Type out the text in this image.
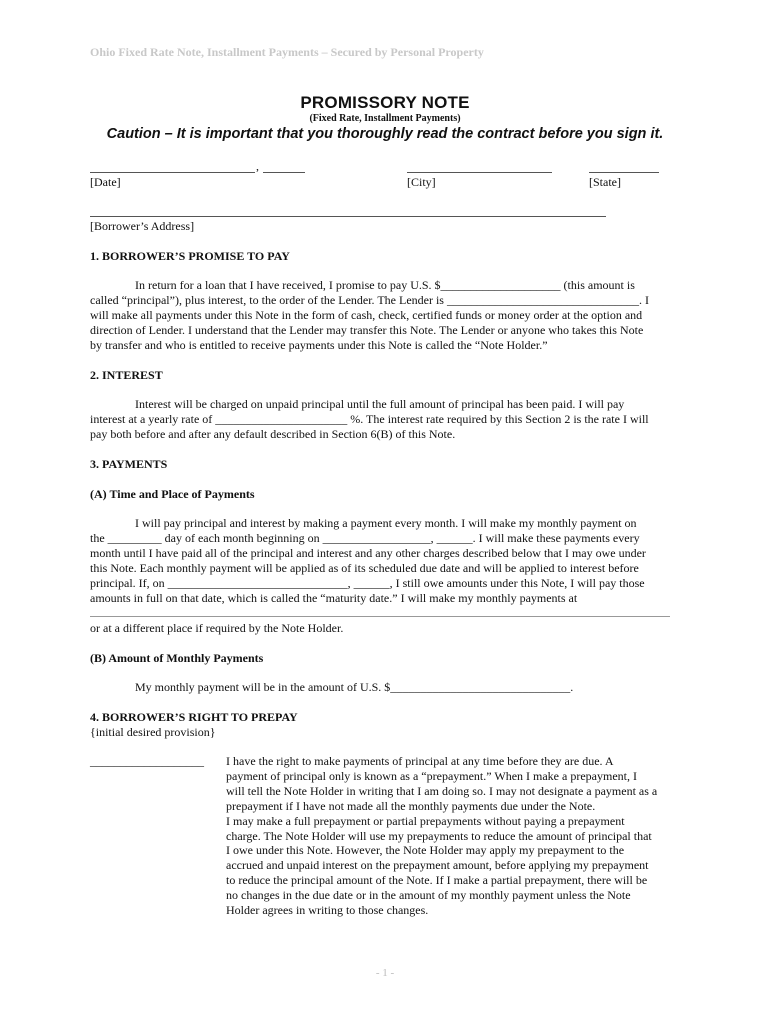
Ohio Fixed Rate Note, Installment Payments – Secured by Personal Property
PROMISSORY NOTE
(Fixed Rate, Installment Payments)
Caution – It is important that you thoroughly read the contract before you sign it.
,
[Date]	[City]	[State]
[Borrower’s Address]
1. BORROWER’S PROMISE TO PAY
In return for a loan that I have received, I promise to pay U.S. $____________________ (this amount is
called “principal”), plus interest, to the order of the Lender. The Lender is ________________________________. I
will make all payments under this Note in the form of cash, check, certified funds or money order at the option and
direction of Lender. I understand that the Lender may transfer this Note. The Lender or anyone who takes this Note
by transfer and who is entitled to receive payments under this Note is called the “Note Holder.”
2. INTEREST
Interest will be charged on unpaid principal until the full amount of principal has been paid. I will pay
interest at a yearly rate of ______________________ %. The interest rate required by this Section 2 is the rate I will
pay both before and after any default described in Section 6(B) of this Note.
3. PAYMENTS
(A) Time and Place of Payments
I will pay principal and interest by making a payment every month. I will make my monthly payment on
the _________ day of each month beginning on __________________, ______. I will make these payments every
month until I have paid all of the principal and interest and any other charges described below that I may owe under
this Note. Each monthly payment will be applied as of its scheduled due date and will be applied to interest before
principal. If, on ______________________________, ______, I still owe amounts under this Note, I will pay those
amounts in full on that date, which is called the “maturity date.” I will make my monthly payments at
or at a different place if required by the Note Holder.
(B) Amount of Monthly Payments
My monthly payment will be in the amount of U.S. $______________________________.
4. BORROWER’S RIGHT TO PREPAY
{initial desired provision}
___________________ I have the right to make payments of principal at any time before they are due. A
payment of principal only is known as a “prepayment.” When I make a prepayment, I
will tell the Note Holder in writing that I am doing so. I may not designate a payment as a
prepayment if I have not made all the monthly payments due under the Note.
I may make a full prepayment or partial prepayments without paying a prepayment
charge. The Note Holder will use my prepayments to reduce the amount of principal that
I owe under this Note. However, the Note Holder may apply my prepayment to the
accrued and unpaid interest on the prepayment amount, before applying my prepayment
to reduce the principal amount of the Note. If I make a partial prepayment, there will be
no changes in the due date or in the amount of my monthly payment unless the Note
Holder agrees in writing to those changes.
- 1 -
